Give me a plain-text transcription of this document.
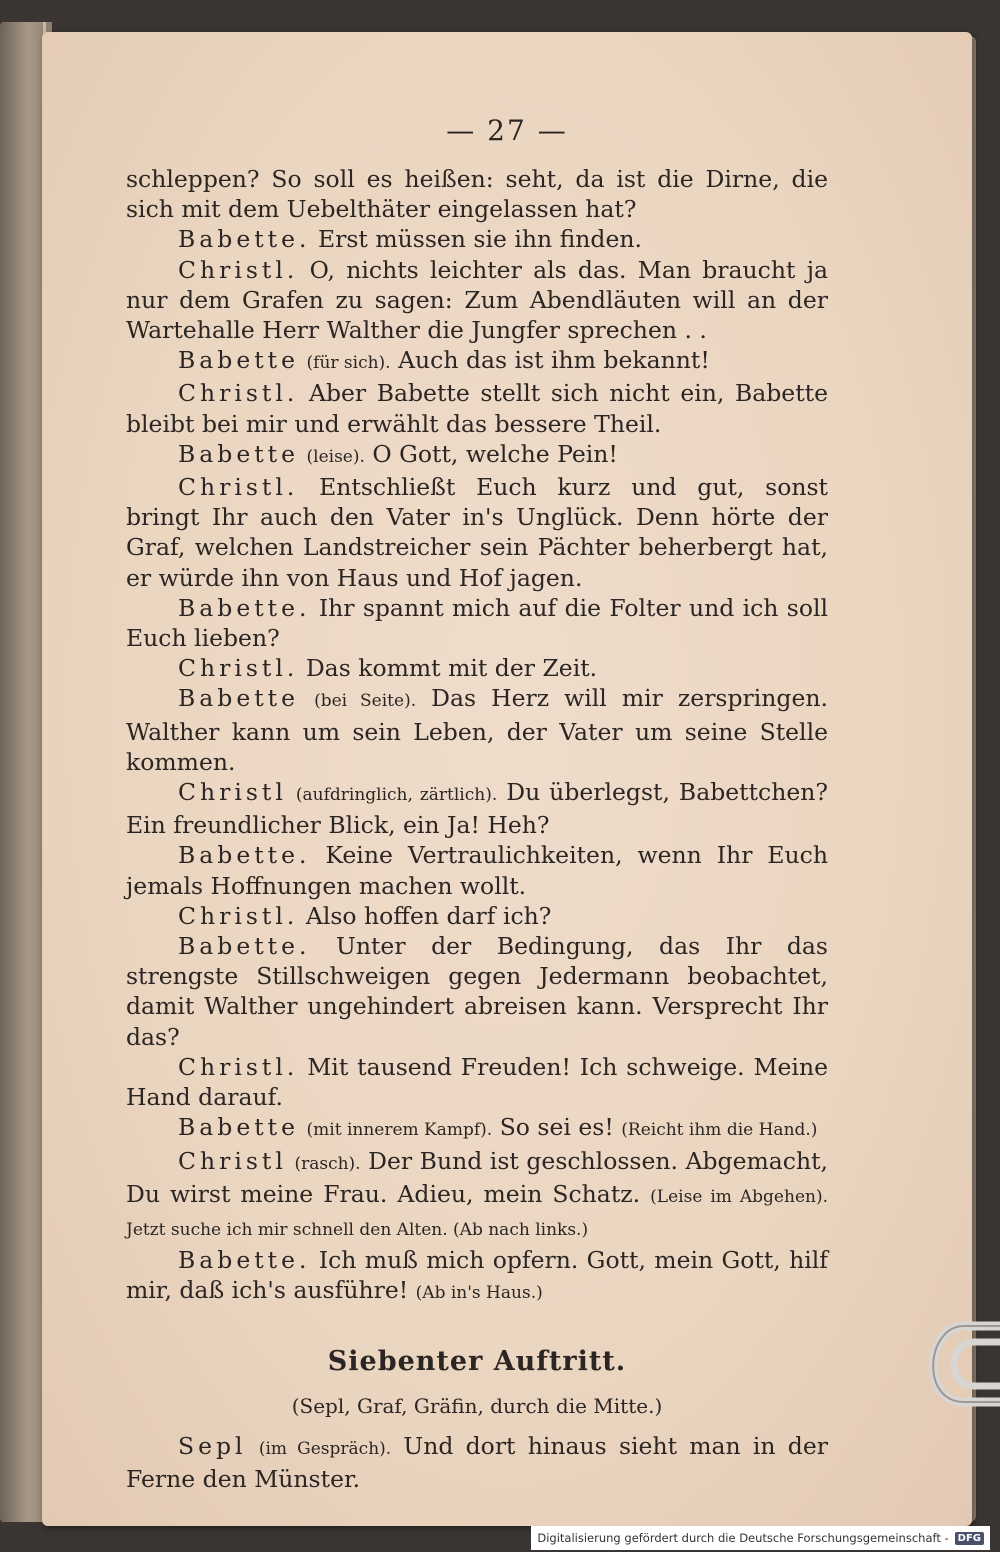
— 27 —

schleppen? So soll es heißen: seht, da ist die Dirne, die sich mit dem Uebelthäter eingelassen hat?

Babette. Erst müssen sie ihn finden.

Christl. O, nichts leichter als das. Man braucht ja nur dem Grafen zu sagen: Zum Abendläuten will an der Wartehalle Herr Walther die Jungfer sprechen . .

Babette (für sich). Auch das ist ihm bekannt!

Christl. Aber Babette stellt sich nicht ein, Babette bleibt bei mir und erwählt das bessere Theil.

Babette (leise). O Gott, welche Pein!

Christl. Entschließt Euch kurz und gut, sonst bringt Ihr auch den Vater in's Unglück. Denn hörte der Graf, welchen Landstreicher sein Pächter beherbergt hat, er würde ihn von Haus und Hof jagen.

Babette. Ihr spannt mich auf die Folter und ich soll Euch lieben?

Christl. Das kommt mit der Zeit.

Babette (bei Seite). Das Herz will mir zerspringen. Walther kann um sein Leben, der Vater um seine Stelle kommen.

Christl (aufdringlich, zärtlich). Du überlegst, Babettchen? Ein freundlicher Blick, ein Ja! Heh?

Babette. Keine Vertraulichkeiten, wenn Ihr Euch jemals Hoffnungen machen wollt.

Christl. Also hoffen darf ich?

Babette. Unter der Bedingung, das Ihr das strengste Stillschweigen gegen Jedermann beobachtet, damit Walther ungehindert abreisen kann. Versprecht Ihr das?

Christl. Mit tausend Freuden! Ich schweige. Meine Hand darauf.

Babette (mit innerem Kampf). So sei es! (Reicht ihm die Hand.)

Christl (rasch). Der Bund ist geschlossen. Abgemacht, Du wirst meine Frau. Adieu, mein Schatz. (Leise im Abgehen). Jetzt suche ich mir schnell den Alten. (Ab nach links.)

Babette. Ich muß mich opfern. Gott, mein Gott, hilf mir, daß ich's ausführe! (Ab in's Haus.)

Siebenter Auftritt.

(Sepl, Graf, Gräfin, durch die Mitte.)

Sepl (im Gespräch). Und dort hinaus sieht man in der Ferne den Münster.

Digitalisierung gefördert durch die Deutsche Forschungsgemeinschaft - DFG
